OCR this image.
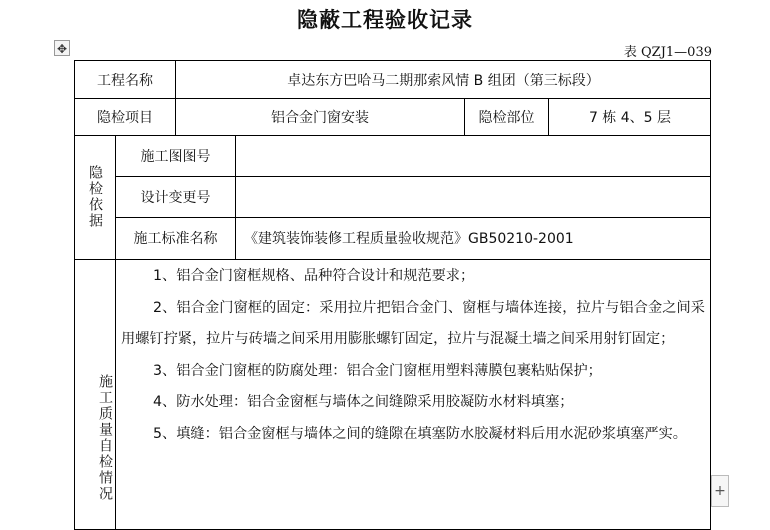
隐蔽工程验收记录
✥	表 QZJ1—039
工程名称	卓达东方巴哈马二期那索风情 B 组团（第三标段）
隐检项目	铝合金门窗安装	隐检部位	7 栋 4、5 层
隐检依据
施工图图号
设计变更号
施工标准名称	《建筑装饰装修工程质量验收规范》GB50210-2001
施工质量自检情况

1、铝合金门窗框规格、品种符合设计和规范要求；

2、铝合金门窗框的固定：采用拉片把铝合金门、窗框与墙体连接，拉片与铝合金之间采用螺钉拧紧，拉片与砖墙之间采用用膨胀螺钉固定，拉片与混凝土墙之间采用射钉固定；

3、铝合金门窗框的防腐处理：铝合金门窗框用塑料薄膜包裹粘贴保护；

4、防水处理：铝合金窗框与墙体之间缝隙采用胶凝防水材料填塞；

5、填缝：铝合金窗框与墙体之间的缝隙在填塞防水胶凝材料后用水泥砂浆填塞严实。

+
